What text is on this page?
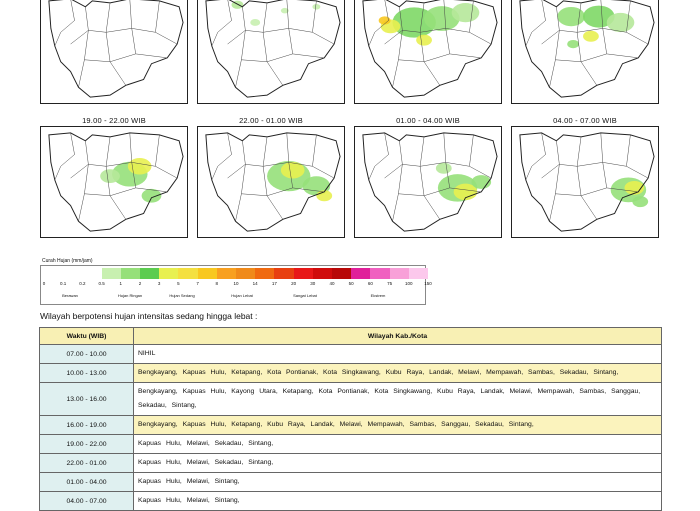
19.00 - 22.00 WIB	22.00 - 01.00 WIB	01.00 - 04.00 WIB	04.00 - 07.00 WIB
Curah Hujan (mm/jam)
0	0.1	0.2	0.5	1	2	3	5	7	8	10	14	17	20	30	40	50	60	75	100	150
Berawan	Hujan Ringan	Hujan Sedang	Hujan Lebat	Sangat Lebat	Ekstrem
Wilayah berpotensi hujan intensitas sedang hingga lebat :
Waktu (WIB)	Wilayah Kab./Kota
07.00 - 10.00	NIHIL
10.00 - 13.00	Bengkayang, Kapuas Hulu, Ketapang, Kota Pontianak, Kota Singkawang, Kubu Raya, Landak, Melawi, Mempawah, Sambas, Sekadau, Sintang,
13.00 - 16.00	Bengkayang, Kapuas Hulu, Kayong Utara, Ketapang, Kota Pontianak, Kota Singkawang, Kubu Raya, Landak, Melawi, Mempawah, Sambas, Sanggau, Sekadau, Sintang,
16.00 - 19.00	Bengkayang, Kapuas Hulu, Ketapang, Kubu Raya, Landak, Melawi, Mempawah, Sambas, Sanggau, Sekadau, Sintang,
19.00 - 22.00	Kapuas Hulu, Melawi, Sekadau, Sintang,
22.00 - 01.00	Kapuas Hulu, Melawi, Sekadau, Sintang,
01.00 - 04.00	Kapuas Hulu, Melawi, Sintang,
04.00 - 07.00	Kapuas Hulu, Melawi, Sintang,
